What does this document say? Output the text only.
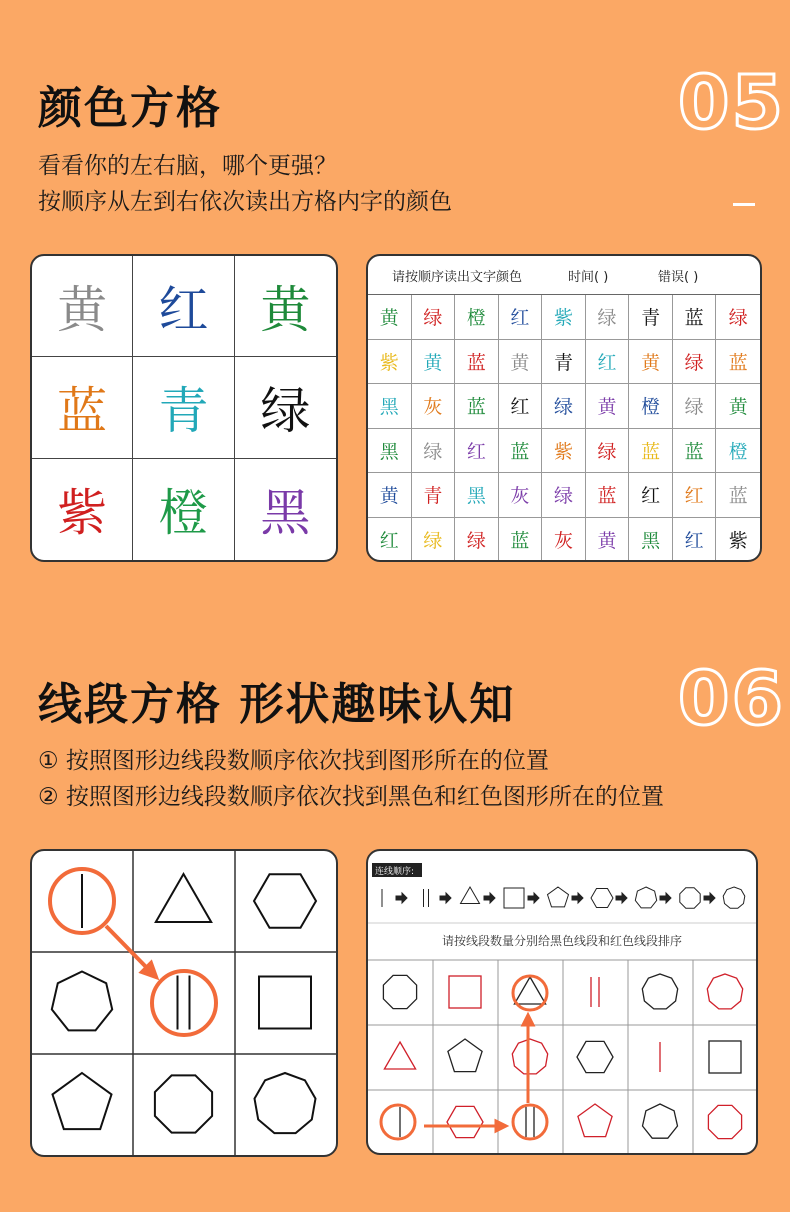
颜色方格	05
看看你的左右脑，哪个更强？
按顺序从左到右依次读出方格内字的颜色
黄	红	黄
蓝	青	绿
紫	橙	黑
请按顺序读出文字颜色	时间( )	错误( )
黄	绿	橙	红	紫	绿	青	蓝	绿
紫	黄	蓝	黄	青	红	黄	绿	蓝
黑	灰	蓝	红	绿	黄	橙	绿	黄
黑	绿	红	蓝	紫	绿	蓝	蓝	橙
黄	青	黑	灰	绿	蓝	红	红	蓝
红	绿	绿	蓝	灰	黄	黑	红	紫
线段方格 形状趣味认知 06
① 按照图形边线段数顺序依次找到图形所在的位置
② 按照图形边线段数顺序依次找到黑色和红色图形所在的位置
连线顺序:
请按线段数量分别给黑色线段和红色线段排序
